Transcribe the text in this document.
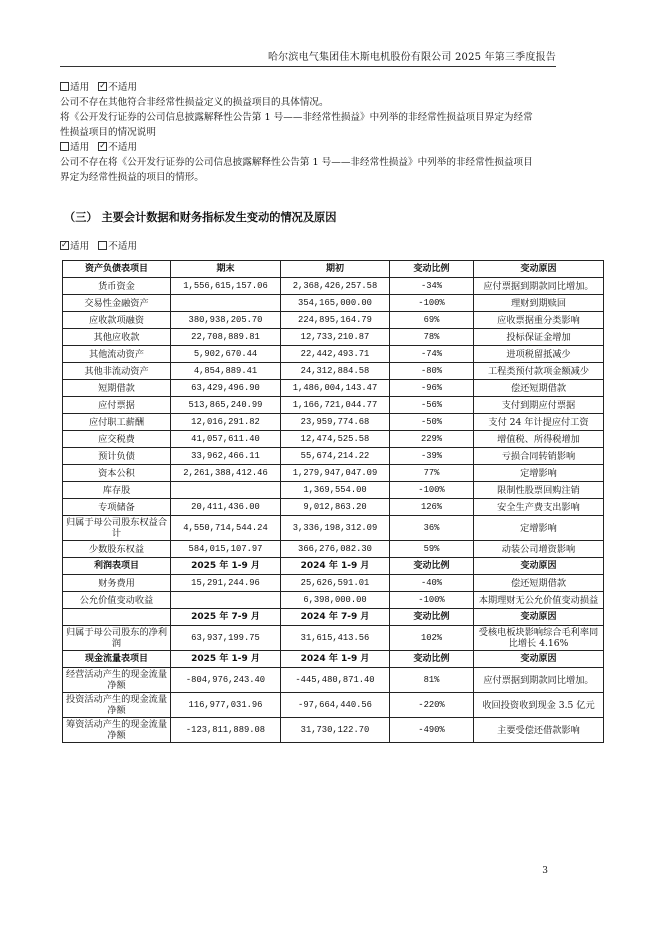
哈尔滨电气集团佳木斯电机股份有限公司 2025 年第三季度报告

适用 ✓ 不适用

公司不存在其他符合非经常性损益定义的损益项目的具体情况。

将《公开发行证券的公司信息披露解释性公告第 1 号——非经常性损益》中列举的非经常性损益项目界定为经常

性损益项目的情况说明

适用 ✓ 不适用

公司不存在将《公开发行证券的公司信息披露解释性公告第 1 号——非经常性损益》中列举的非经常性损益项目

界定为经常性损益的项目的情形。

（三） 主要会计数据和财务指标发生变动的情况及原因

✓适用 不适用

资产负债表项目	期末	期初	变动比例	变动原因
货币资金	1,556,615,157.06	2,368,426,257.58	-34%	应付票据到期款同比增加。
交易性金融资产		354,165,000.00	-100%	理财到期赎回
应收款项融资	380,938,205.70	224,895,164.79	69%	应收票据重分类影响
其他应收款	22,708,889.81	12,733,210.87	78%	投标保证金增加
其他流动资产	5,902,670.44	22,442,493.71	-74%	进项税留抵减少
其他非流动资产	4,854,889.41	24,312,884.58	-80%	工程类预付款项金额减少
短期借款	63,429,496.90	1,486,004,143.47	-96%	偿还短期借款
应付票据	513,865,240.99	1,166,721,044.77	-56%	支付到期应付票据
应付职工薪酬	12,016,291.82	23,959,774.68	-50%	支付 24 年计提应付工资
应交税费	41,057,611.40	12,474,525.58	229%	增值税、所得税增加
预计负债	33,962,466.11	55,674,214.22	-39%	亏损合同转销影响
资本公积	2,261,388,412.46	1,279,947,047.09	77%	定增影响
库存股		1,369,554.00	-100%	限制性股票回购注销
专项储备	20,411,436.00	9,012,863.20	126%	安全生产费支出影响
归属于母公司股东权益合计	4,550,714,544.24	3,336,198,312.09	36%	定增影响
少数股东权益	584,015,107.97	366,276,082.30	59%	动装公司增资影响
利润表项目	2025 年 1-9 月	2024 年 1-9 月	变动比例	变动原因
财务费用	15,291,244.96	25,626,591.01	-40%	偿还短期借款
公允价值变动收益		6,398,000.00	-100%	本期理财无公允价值变动损益
	2025 年 7-9 月	2024 年 7-9 月	变动比例	变动原因
归属于母公司股东的净利润	63,937,199.75	31,615,413.56	102%	受核电板块影响综合毛利率同比增长 4.16%
现金流量表项目	2025 年 1-9 月	2024 年 1-9 月	变动比例	变动原因
经营活动产生的现金流量净额	-804,976,243.40	-445,480,871.40	81%	应付票据到期款同比增加。
投资活动产生的现金流量净额	116,977,031.96	-97,664,440.56	-220%	收回投资收到现金 3.5 亿元
筹资活动产生的现金流量净额	-123,811,889.08	31,730,122.70	-490%	主要受偿还借款影响
3
